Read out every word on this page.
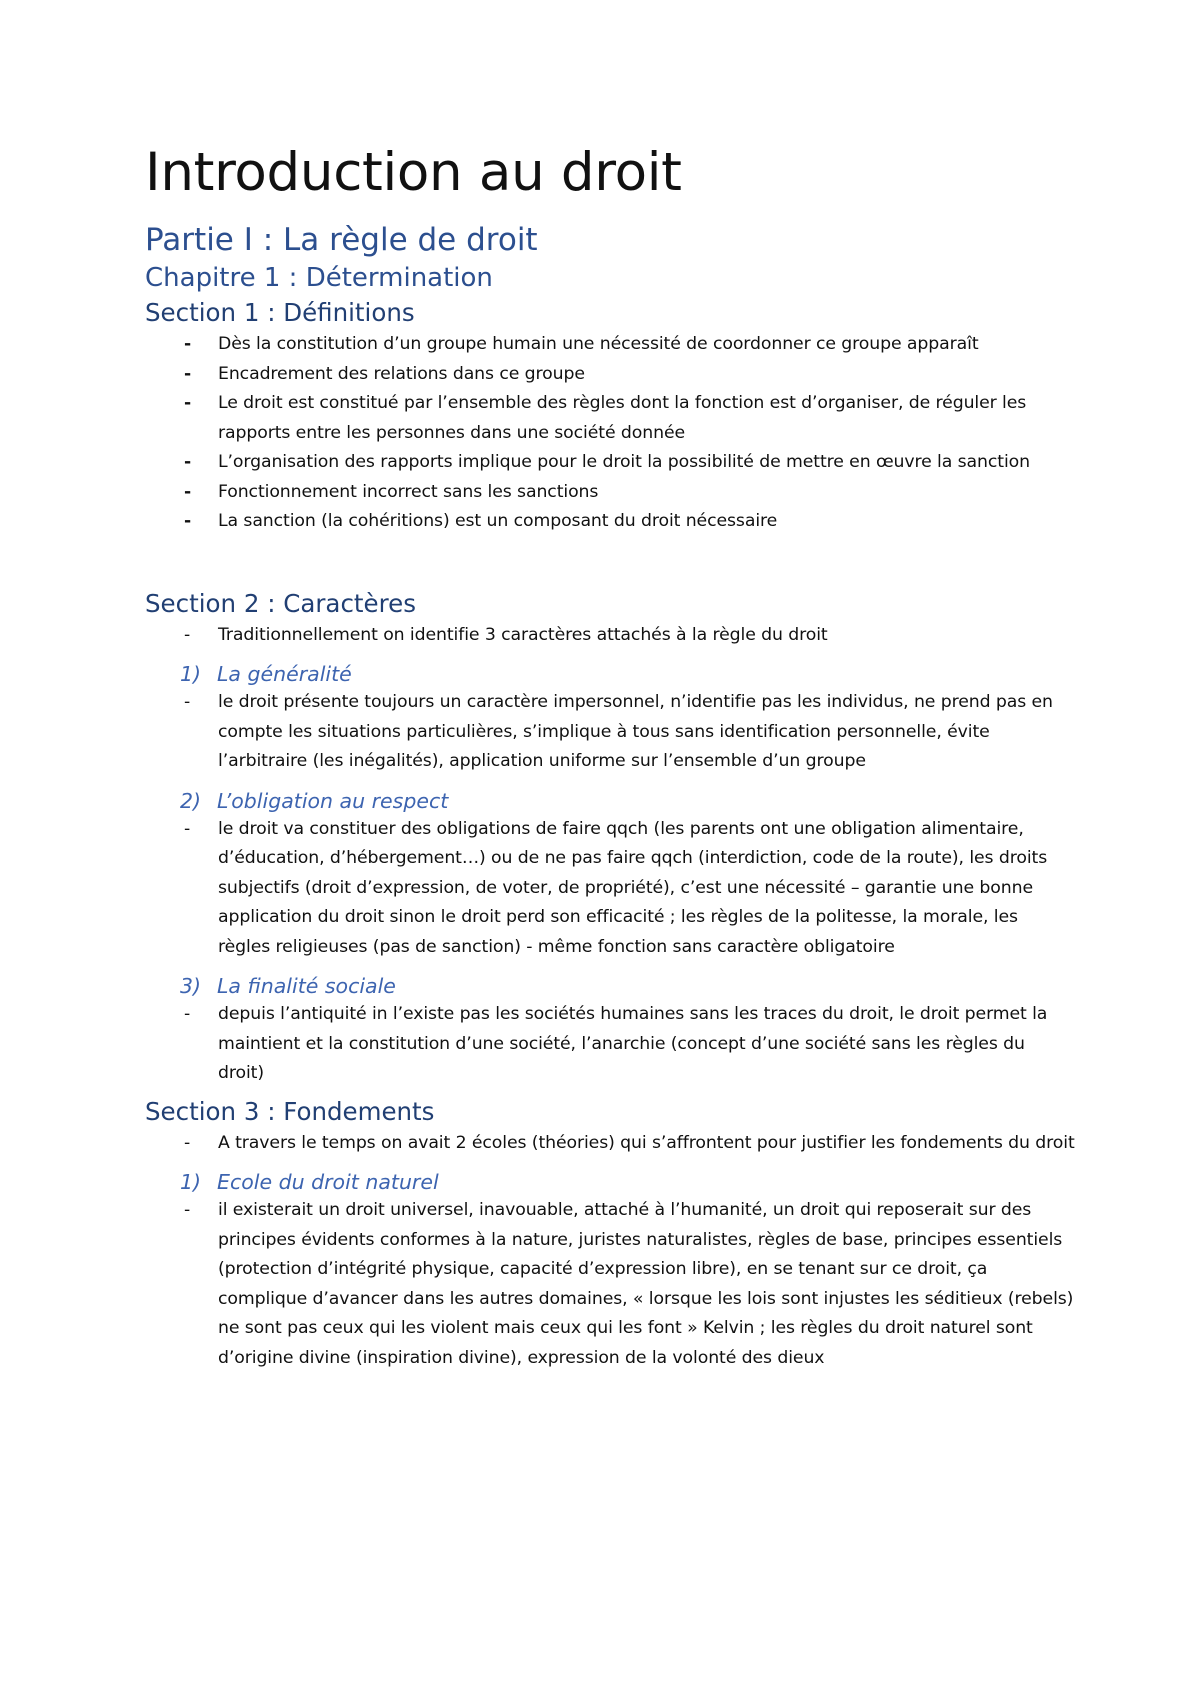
Introduction au droit
Partie I : La règle de droit
Chapitre 1 : Détermination
Section 1 : Définitions
- Dès la constitution d’un groupe humain une nécessité de coordonner ce groupe apparaît
- Encadrement des relations dans ce groupe
- Le droit est constitué par l’ensemble des règles dont la fonction est d’organiser, de réguler les rapports entre les personnes dans une société donnée
- L’organisation des rapports implique pour le droit la possibilité de mettre en œuvre la sanction
- Fonctionnement incorrect sans les sanctions
- La sanction (la cohéritions) est un composant du droit nécessaire
Section 2 : Caractères
- Traditionnellement on identifie 3 caractères attachés à la règle du droit
1) La généralité
- le droit présente toujours un caractère impersonnel, n’identifie pas les individus, ne prend pas en compte les situations particulières, s’implique à tous sans identification personnelle, évite l’arbitraire (les inégalités), application uniforme sur l’ensemble d’un groupe
2) L’obligation au respect
- le droit va constituer des obligations de faire qqch (les parents ont une obligation alimentaire, d’éducation, d’hébergement…) ou de ne pas faire qqch (interdiction, code de la route), les droits subjectifs (droit d’expression, de voter, de propriété), c’est une nécessité – garantie une bonne application du droit sinon le droit perd son efficacité ; les règles de la politesse, la morale, les règles religieuses (pas de sanction) - même fonction sans caractère obligatoire
3) La finalité sociale
- depuis l’antiquité in l’existe pas les sociétés humaines sans les traces du droit, le droit permet la maintient et la constitution d’une société, l’anarchie (concept d’une société sans les règles du droit)
Section 3 : Fondements
- A travers le temps on avait 2 écoles (théories) qui s’affrontent pour justifier les fondements du droit
1) Ecole du droit naturel
- il existerait un droit universel, inavouable, attaché à l’humanité, un droit qui reposerait sur des principes évidents conformes à la nature, juristes naturalistes, règles de base, principes essentiels (protection d’intégrité physique, capacité d’expression libre), en se tenant sur ce droit, ça complique d’avancer dans les autres domaines, « lorsque les lois sont injustes les séditieux (rebels) ne sont pas ceux qui les violent mais ceux qui les font » Kelvin ; les règles du droit naturel sont d’origine divine (inspiration divine), expression de la volonté des dieux
